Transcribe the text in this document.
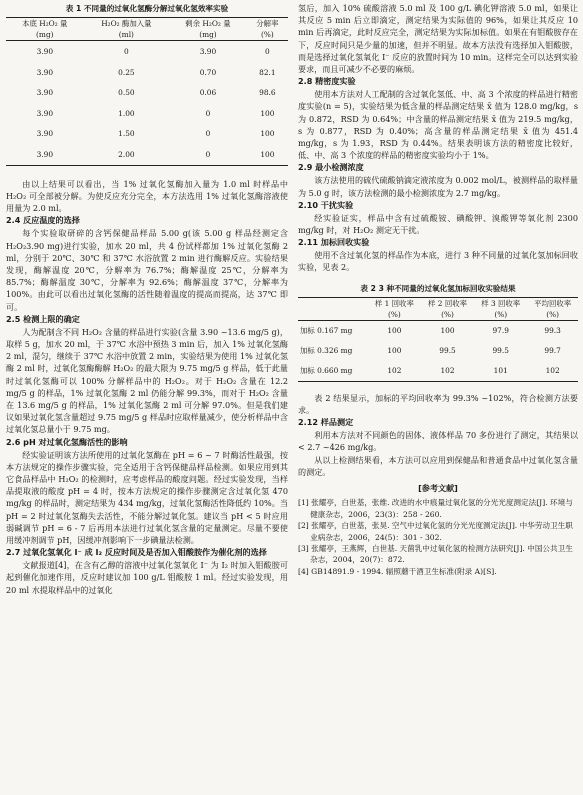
表 1 不同量的过氧化氢酶分解过氧化氢效率实验
本底 H₂O₂ 量	H₂O₂ 酶加入量	剩余 H₂O₂ 量	分解率
(mg)	(ml)	(mg)	(%)
3.90	0	3.90	0
3.90	0.25	0.70	82.1
3.90	0.50	0.06	98.6
3.90	1.00	0	100
3.90	1.50	0	100
3.90	2.00	0	100

由以上结果可以看出，当 1% 过氧化氢酶加入量为 1.0 ml 时样品中 H₂O₂ 可全部被分解。为使反应充分完全，本方法选用 1% 过氧化氢酶溶液使用量为 2.0 ml。

2.4 反应温度的选择

每个实验取研碎的含钙保健品样品 5.00 g(该 5.00 g 样品经测定含 H₂O₂3.90 mg)进行实验，加水 20 ml，共 4 份试样都加 1% 过氧化氢酶 2 ml，分别于 20℃、30℃ 和 37℃ 水浴放置 2 min 进行酶解反应。实验结果发现，酶解温度 20℃，分解率为 76.7%；酶解温度 25℃，分解率为 85.7%；酶解温度 30℃，分解率为 92.6%；酶解温度 37℃，分解率为 100%。由此可以看出过氧化氢酶的活性随着温度的提高而提高，达 37℃ 即可。

2.5 检测上限的确定

人为配制含不同 H₂O₂ 含量的样品进行实验(含量 3.90 ~13.6 mg/5 g)，取样 5 g，加水 20 ml，于 37℃ 水浴中预热 3 min 后，加入 1% 过氧化氢酶 2 ml，混匀，继续于 37℃ 水浴中放置 2 min，实验结果为使用 1% 过氧化氢酶 2 ml 时，过氧化氢酶酶解 H₂O₂ 的最大限为 9.75 mg/5 g 样品，低于此量时过氧化氢酶可以 100% 分解样品中的 H₂O₂。对于 H₂O₂ 含量在 12.2 mg/5 g 的样品，1% 过氧化氢酶 2 ml 仍能分解 99.3%，而对于 H₂O₂ 含量在 13.6 mg/5 g 的样品，1% 过氧化氢酶 2 ml 可分解 97.0%。但是我们建议如果过氧化氢含量超过 9.75 mg/5 g 样品时应取样量减少，使分析样品中含过氧化氢总量小于 9.75 mg。

2.6 pH 对过氧化氢酶活性的影响

经实验证明该方法所使用的过氧化氢酶在 pH = 6 ~ 7 时酶活性最强，按本方法规定的操作步骤实验，完全适用于含钙保健品样品检测。如果应用到其它食品样品中 H₂O₂ 的检测时，应考虑样品的酸度问题。经过实验发现，当样品提取液的酸度 pH = 4 时，按本方法规定的操作步骤测定含过氧化氢 470 mg/kg 的样品时，测定结果为 434 mg/kg，过氧化氢酶活性降低约 10%。当 pH = 2 时过氧化氢酶失去活性，不能分解过氧化氢。建议当 pH < 5 时应用弱碱调节 pH = 6 - 7 后再用本法进行过氧化氢含量的定量测定。尽量不要使用缓冲剂调节 pH，因缓冲剂影响下一步碘量法检测。

2.7 过氧化氢氧化 I⁻ 成 I₂ 反应时间及是否加入钼酸胺作为催化剂的选择

文献报道[4]，在含有乙醇的溶液中过氧化氢氧化 I⁻ 为 I₂ 时加入钼酸胺可起到催化加速作用，反应时建议加 100 g/L 钼酸胺 1 ml。经过实验发现，用 20 ml 水提取样品中的过氧化

氢后，加入 10% 硫酸溶液 5.0 ml 及 100 g/L 碘化钾溶液 5.0 ml，如果让其反应 5 min 后立即滴定，测定结果为实际值的 96%，如果让其反应 10 min 后再滴定，此时反应完全，测定结果为实际加标值。如果在有钼酸胺存在下，反应时间只是少量的加速，但并不明显。故本方法没有选择加入钼酸胺，而是选择过氧化氢氧化 I⁻ 反应的放置时间为 10 min。这样完全可以达到实验要求，而且可减少不必要的麻烦。

2.8 精密度实验

使用本方法对人工配制的含过氧化氢低、中、高 3 个浓度的样品进行精密度实验(n = 5)，实验结果为低含量的样品测定结果 x̄ 值为 128.0 mg/kg，s 为 0.872，RSD 为 0.64%；中含量的样品测定结果 x̄ 值为 219.5 mg/kg，s 为 0.877，RSD 为 0.40%；高含量的样品测定结果 x̄ 值为 451.4 mg/kg，s 为 1.93，RSD 为 0.44%。结果表明该方法的精密度比较好，低、中、高 3 个浓度的样品的精密度实验均小于 1%。

2.9 最小检测浓度

该方法使用的硫代硫酸钠滴定液浓度为 0.002 mol/L，被测样品的取样量为 5.0 g 时，该方法检测的最小检测浓度为 2.7 mg/kg。

2.10 干扰实验

经实验证实，样品中含有过硫酸铵、碘酸钾、溴酸钾等氧化剂 2300 mg/kg 时，对 H₂O₂ 测定无干扰。

2.11 加标回收实验

使用不含过氧化氢的样品作为本底，进行 3 种不同量的过氧化氢加标回收实验，见表 2。

表 2 3 种不同量的过氧化氢加标回收实验结果
	样 1 回收率	样 2 回收率	样 3 回收率	平均回收率
	(%)	(%)	(%)	(%)
加标 0.167 mg	100	100	97.9	99.3
加标 0.326 mg	100	99.5	99.5	99.7
加标 0.660 mg	102	102	101	102

表 2 结果显示，加标的平均回收率为 99.3% ~102%，符合检测方法要求。

2.12 样品测定

利用本方法对不同颜色的固体、液体样品 70 多份进行了测定，其结果以 < 2.7 ~426 mg/kg。

从以上检测结果看，本方法可以应用到保健品和普通食品中过氧化氢含量的测定。

[参考文献]

[1] 张耀亭，白世基，张维. 改进的水中痕量过氧化氢的分光光度测定法[J]. 环境与健康杂志，2006，23(3)：258 - 260.

[2] 张耀亭，白世基，张昊. 空气中过氧化氢的分光光度测定法[J]. 中华劳动卫生职业病杂志，2006，24(5)：301 - 302.

[3] 张耀亭，王燕辉，白世基. 天菌乳中过氧化氢的检测方法研究[J]. 中国公共卫生杂志，2004，20(7)：872.

[4] GB14891.9 - 1994. 辐照蘑干酒卫生标准(附录 A)[S].
